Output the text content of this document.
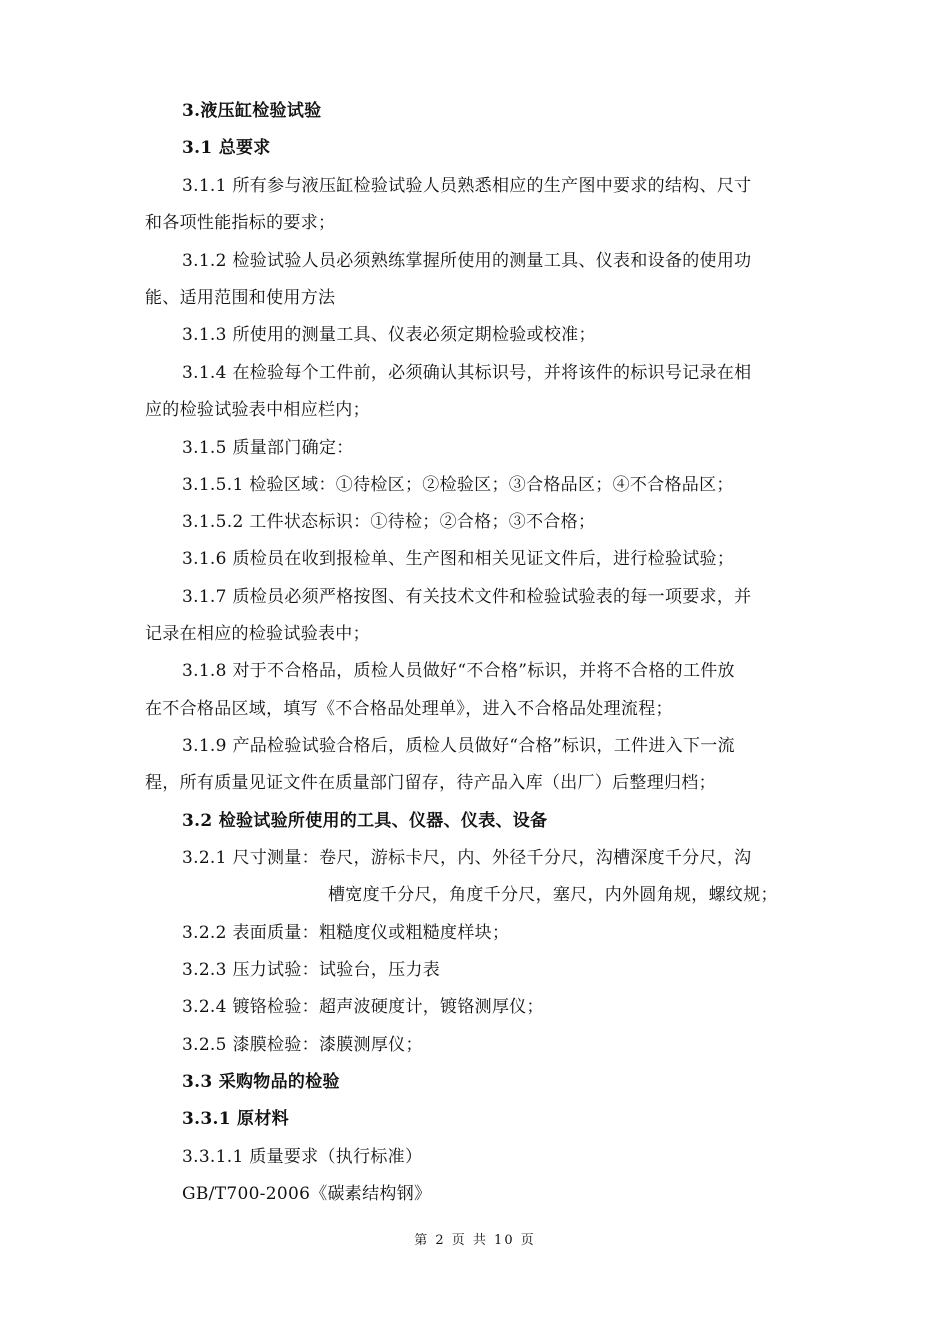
3.液压缸检验试验
3.1 总要求
3.1.1 所有参与液压缸检验试验人员熟悉相应的生产图中要求的结构、尺寸
和各项性能指标的要求；
3.1.2 检验试验人员必须熟练掌握所使用的测量工具、仪表和设备的使用功
能、适用范围和使用方法
3.1.3 所使用的测量工具、仪表必须定期检验或校准；
3.1.4 在检验每个工件前，必须确认其标识号，并将该件的标识号记录在相
应的检验试验表中相应栏内；
3.1.5 质量部门确定：
3.1.5.1 检验区域：①待检区；②检验区；③合格品区；④不合格品区；
3.1.5.2 工件状态标识：①待检；②合格；③不合格；
3.1.6 质检员在收到报检单、生产图和相关见证文件后，进行检验试验；
3.1.7 质检员必须严格按图、有关技术文件和检验试验表的每一项要求，并
记录在相应的检验试验表中；
3.1.8 对于不合格品，质检人员做好“不合格”标识，并将不合格的工件放
在不合格品区域，填写《不合格品处理单》，进入不合格品处理流程；
3.1.9 产品检验试验合格后，质检人员做好“合格”标识，工件进入下一流
程，所有质量见证文件在质量部门留存，待产品入库（出厂）后整理归档；
3.2 检验试验所使用的工具、仪器、仪表、设备
3.2.1 尺寸测量：卷尺，游标卡尺，内、外径千分尺，沟槽深度千分尺，沟
槽宽度千分尺，角度千分尺，塞尺，内外圆角规，螺纹规；
3.2.2 表面质量：粗糙度仪或粗糙度样块；
3.2.3 压力试验：试验台，压力表
3.2.4 镀铬检验：超声波硬度计，镀铬测厚仪；
3.2.5 漆膜检验：漆膜测厚仪；
3.3 采购物品的检验
3.3.1 原材料
3.3.1.1 质量要求（执行标准）
GB/T700-2006《碳素结构钢》
第 2 页 共 10 页
